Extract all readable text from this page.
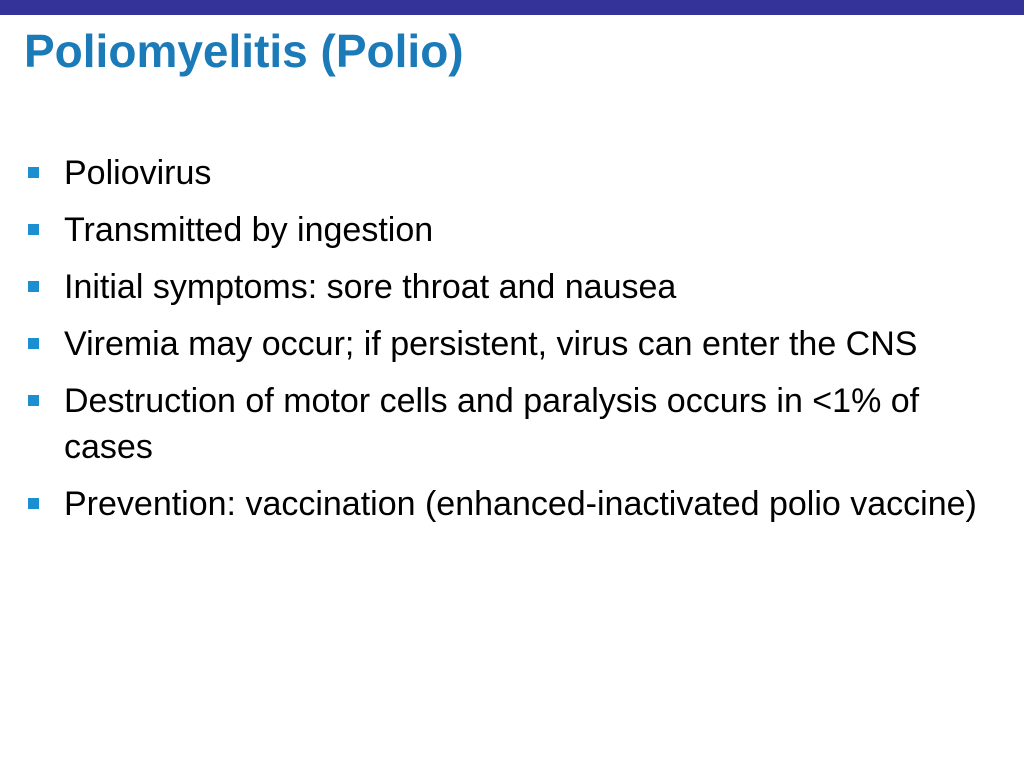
Poliomyelitis (Polio)
Poliovirus
Transmitted by ingestion
Initial symptoms: sore throat and nausea
Viremia may occur; if persistent, virus can enter the CNS
Destruction of motor cells and paralysis occurs in <1% of cases
Prevention: vaccination (enhanced-inactivated polio vaccine)
